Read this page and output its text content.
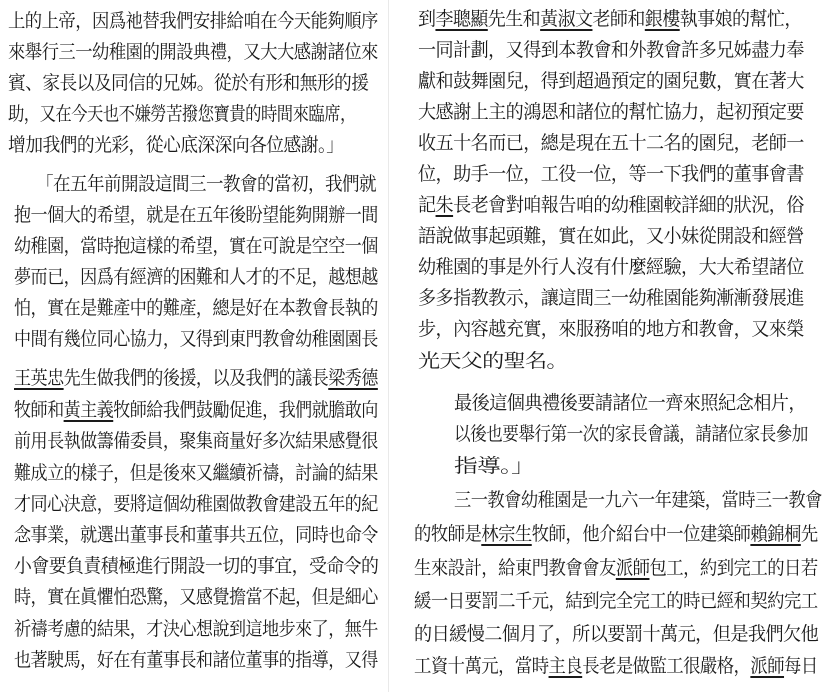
上的上帝，因爲祂替我們安排給咱在今天能夠順序
來舉行三一幼稚園的開設典禮，又大大感謝諸位來
賓、家長以及同信的兄姊。從於有形和無形的援
助，又在今天也不嫌勞苦撥您寶貴的時間來臨席，
增加我們的光彩，從心底深深向各位感謝。」
「在五年前開設這間三一教會的當初，我們就
抱一個大的希望，就是在五年後盼望能夠開辦一間
幼稚園，當時抱這樣的希望，實在可說是空空一個
夢而已，因爲有經濟的困難和人才的不足，越想越
怕，實在是難產中的難產，總是好在本教會長執的
中間有幾位同心協力，又得到東門教會幼稚園園長
王英忠先生做我們的後援，以及我們的議長梁秀德
牧師和黃主義牧師給我們鼓勵促進，我們就膽敢向
前用長執做籌備委員，聚集商量好多次結果感覺很
難成立的樣子，但是後來又繼續祈禱，討論的結果
才同心決意，要將這個幼稚園做教會建設五年的紀
念事業，就選出董事長和董事共五位，同時也命令
小會要負責積極進行開設一切的事宜，受命令的
時，實在眞懼怕恐驚，又感覺擔當不起，但是細心
祈禱考慮的結果，才決心想說到這地步來了，無牛
也著駛馬，好在有董事長和諸位董事的指導，又得
到李聰顯先生和黃淑文老師和銀樓執事娘的幫忙，
一同計劃，又得到本教會和外教會許多兄姊盡力奉
獻和鼓舞園兒，得到超過預定的園兒數，實在著大
大感謝上主的鴻恩和諸位的幫忙協力，起初預定要
收五十名而已，總是現在五十二名的園兒，老師一
位，助手一位，工役一位，等一下我們的董事會書
記朱長老會對咱報告咱的幼稚園較詳細的狀況，俗
語說做事起頭難，實在如此，又小妹從開設和經營
幼稚園的事是外行人沒有什麼經驗，大大希望諸位
多多指教教示，讓這間三一幼稚園能夠漸漸發展進
步，內容越充實，來服務咱的地方和教會，又來榮
光天父的聖名。
最後這個典禮後要請諸位一齊來照紀念相片，
以後也要舉行第一次的家長會議，請諸位家長參加
指導。」
三一教會幼稚園是一九六一年建築，當時三一教會
的牧師是林宗生牧師，他介紹台中一位建築師賴錦桐先
生來設計，給東門教會會友派師包工，約到完工的日若
緩一日要罰二千元，結到完全完工的時已經和契約完工
的日緩慢二個月了，所以要罰十萬元，但是我們欠他
工資十萬元，當時主良長老是做監工很嚴格，派師每日
